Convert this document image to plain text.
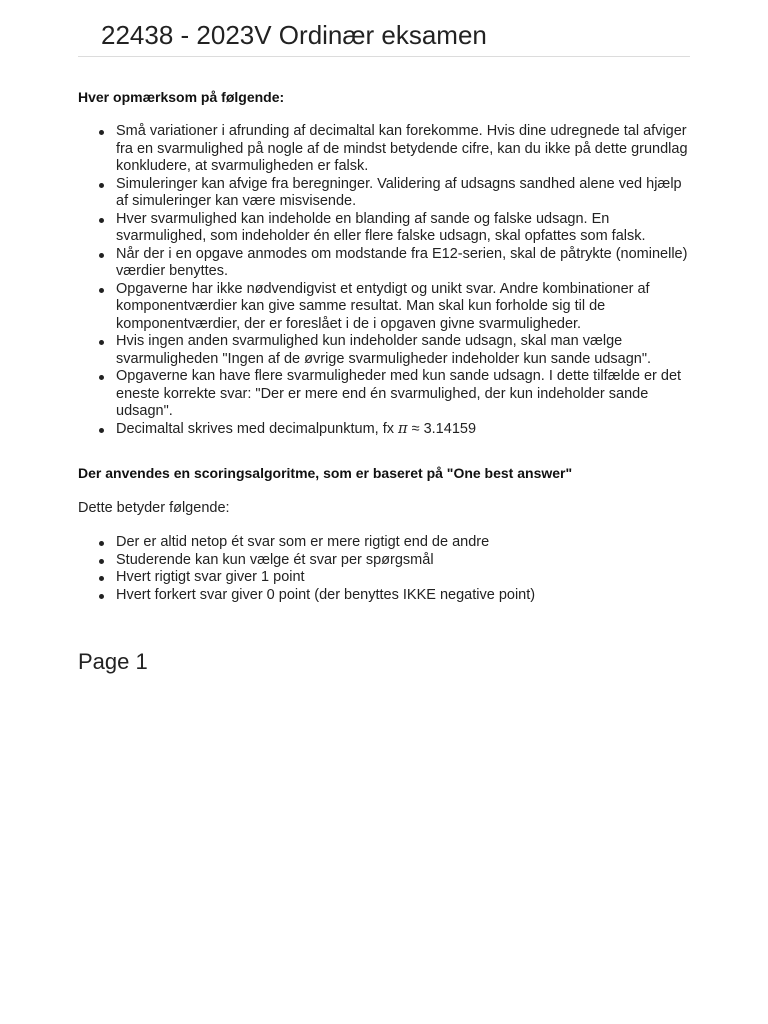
22438 - 2023V Ordinær eksamen

Hver opmærksom på følgende:

Små variationer i afrunding af decimaltal kan forekomme. Hvis dine udregnede tal afviger fra en svarmulighed på nogle af de mindst betydende cifre, kan du ikke på dette grundlag konkludere, at svarmuligheden er falsk.
Simuleringer kan afvige fra beregninger. Validering af udsagns sandhed alene ved hjælp af simuleringer kan være misvisende.
Hver svarmulighed kan indeholde en blanding af sande og falske udsagn. En svarmulighed, som indeholder én eller flere falske udsagn, skal opfattes som falsk.
Når der i en opgave anmodes om modstande fra E12-serien, skal de påtrykte (nominelle) værdier benyttes.
Opgaverne har ikke nødvendigvist et entydigt og unikt svar. Andre kombinationer af komponentværdier kan give samme resultat. Man skal kun forholde sig til de komponentværdier, der er foreslået i de i opgaven givne svarmuligheder.
Hvis ingen anden svarmulighed kun indeholder sande udsagn, skal man vælge svarmuligheden "Ingen af de øvrige svarmuligheder indeholder kun sande udsagn".
Opgaverne kan have flere svarmuligheder med kun sande udsagn. I dette tilfælde er det eneste korrekte svar: "Der er mere end én svarmulighed, der kun indeholder sande udsagn".
Decimaltal skrives med decimalpunktum, fx π ≈ 3.14159

Der anvendes en scoringsalgoritme, som er baseret på "One best answer"

Dette betyder følgende:

Der er altid netop ét svar som er mere rigtigt end de andre
Studerende kan kun vælge ét svar per spørgsmål
Hvert rigtigt svar giver 1 point
Hvert forkert svar giver 0 point (der benyttes IKKE negative point)
Page 1
